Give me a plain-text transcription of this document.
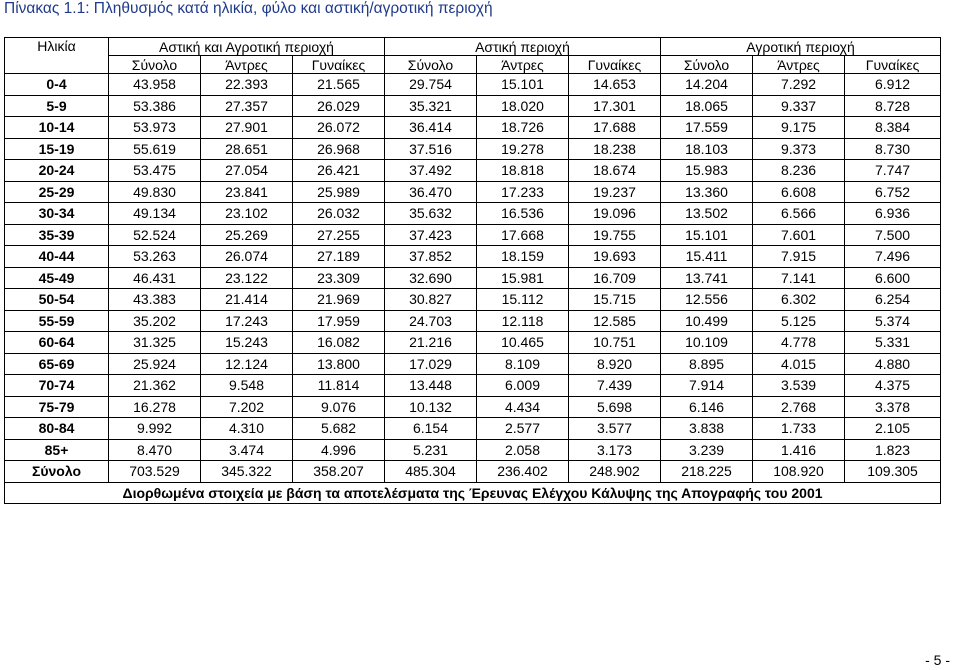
Πίνακας 1.1: Πληθυσμός κατά ηλικία, φύλο και αστική/αγροτική περιοχή
Ηλικία	Αστική και Αγροτική περιοχή			Αστική περιοχή			Αγροτική περιοχή		
	Σύνολο	Άντρες	Γυναίκες	Σύνολο	Άντρες	Γυναίκες	Σύνολο	Άντρες	Γυναίκες
0-4	43.958	22.393	21.565	29.754	15.101	14.653	14.204	7.292	6.912
5-9	53.386	27.357	26.029	35.321	18.020	17.301	18.065	9.337	8.728
10-14	53.973	27.901	26.072	36.414	18.726	17.688	17.559	9.175	8.384
15-19	55.619	28.651	26.968	37.516	19.278	18.238	18.103	9.373	8.730
20-24	53.475	27.054	26.421	37.492	18.818	18.674	15.983	8.236	7.747
25-29	49.830	23.841	25.989	36.470	17.233	19.237	13.360	6.608	6.752
30-34	49.134	23.102	26.032	35.632	16.536	19.096	13.502	6.566	6.936
35-39	52.524	25.269	27.255	37.423	17.668	19.755	15.101	7.601	7.500
40-44	53.263	26.074	27.189	37.852	18.159	19.693	15.411	7.915	7.496
45-49	46.431	23.122	23.309	32.690	15.981	16.709	13.741	7.141	6.600
50-54	43.383	21.414	21.969	30.827	15.112	15.715	12.556	6.302	6.254
55-59	35.202	17.243	17.959	24.703	12.118	12.585	10.499	5.125	5.374
60-64	31.325	15.243	16.082	21.216	10.465	10.751	10.109	4.778	5.331
65-69	25.924	12.124	13.800	17.029	8.109	8.920	8.895	4.015	4.880
70-74	21.362	9.548	11.814	13.448	6.009	7.439	7.914	3.539	4.375
75-79	16.278	7.202	9.076	10.132	4.434	5.698	6.146	2.768	3.378
80-84	9.992	4.310	5.682	6.154	2.577	3.577	3.838	1.733	2.105
85+	8.470	3.474	4.996	5.231	2.058	3.173	3.239	1.416	1.823
Σύνολο	703.529	345.322	358.207	485.304	236.402	248.902	218.225	108.920	109.305
Διορθωμένα στοιχεία με βάση τα αποτελέσματα της Έρευνας Ελέγχου Κάλυψης της Απογραφής του 2001									
- 5 -
